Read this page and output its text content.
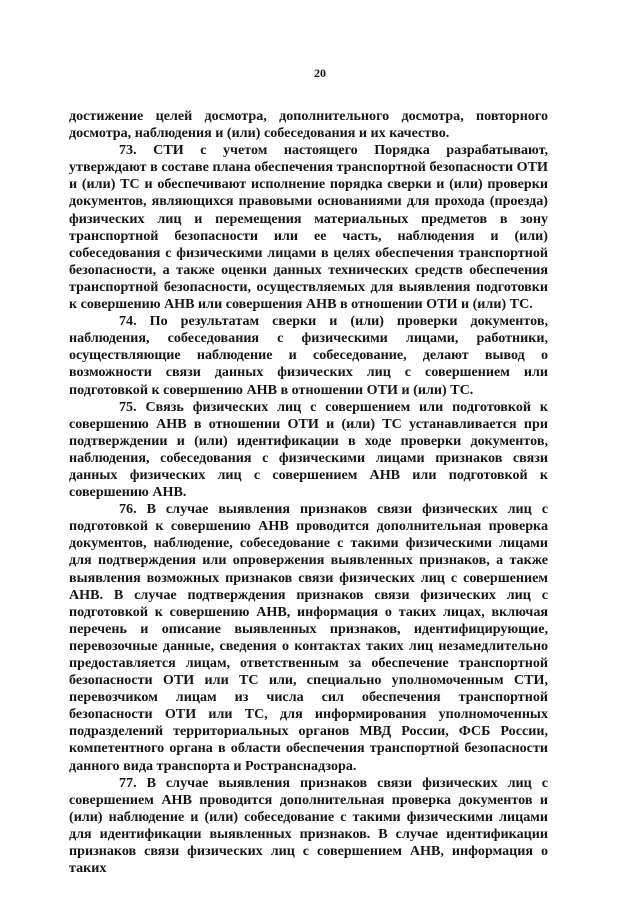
20

достижение целей досмотра, дополнительного досмотра, повторного досмотра, наблюдения и (или) собеседования и их качество.

73. СТИ с учетом настоящего Порядка разрабатывают, утверждают в составе плана обеспечения транспортной безопасности ОТИ и (или) ТС и обеспечивают исполнение порядка сверки и (или) проверки документов, являющихся правовыми основаниями для прохода (проезда) физических лиц и перемещения материальных предметов в зону транспортной безопасности или ее часть, наблюдения и (или) собеседования с физическими лицами в целях обеспечения транспортной безопасности, а также оценки данных технических средств обеспечения транспортной безопасности, осуществляемых для выявления подготовки к совершению АНВ или совершения АНВ в отношении ОТИ и (или) ТС.

74. По результатам сверки и (или) проверки документов, наблюдения, собеседования с физическими лицами, работники, осуществляющие наблюдение и собеседование, делают вывод о возможности связи данных физических лиц с совершением или подготовкой к совершению АНВ в отношении ОТИ и (или) ТС.

75. Связь физических лиц с совершением или подготовкой к совершению АНВ в отношении ОТИ и (или) ТС устанавливается при подтверждении и (или) идентификации в ходе проверки документов, наблюдения, собеседования с физическими лицами признаков связи данных физических лиц с совершением АНВ или подготовкой к совершению АНВ.

76. В случае выявления признаков связи физических лиц с подготовкой к совершению АНВ проводится дополнительная проверка документов, наблюдение, собеседование с такими физическими лицами для подтверждения или опровержения выявленных признаков, а также выявления возможных признаков связи физических лиц с совершением АНВ. В случае подтверждения признаков связи физических лиц с подготовкой к совершению АНВ, информация о таких лицах, включая перечень и описание выявленных признаков, идентифицирующие, перевозочные данные, сведения о контактах таких лиц незамедлительно предоставляется лицам, ответственным за обеспечение транспортной безопасности ОТИ или ТС или, специально уполномоченным СТИ, перевозчиком лицам из числа сил обеспечения транспортной безопасности ОТИ или ТС, для информирования уполномоченных подразделений территориальных органов МВД России, ФСБ России, компетентного органа в области обеспечения транспортной безопасности данного вида транспорта и Ространснадзора.

77. В случае выявления признаков связи физических лиц с совершением АНВ проводится дополнительная проверка документов и (или) наблюдение и (или) собеседование с такими физическими лицами для идентификации выявленных признаков. В случае идентификации признаков связи физических лиц с совершением АНВ, информация о таких
